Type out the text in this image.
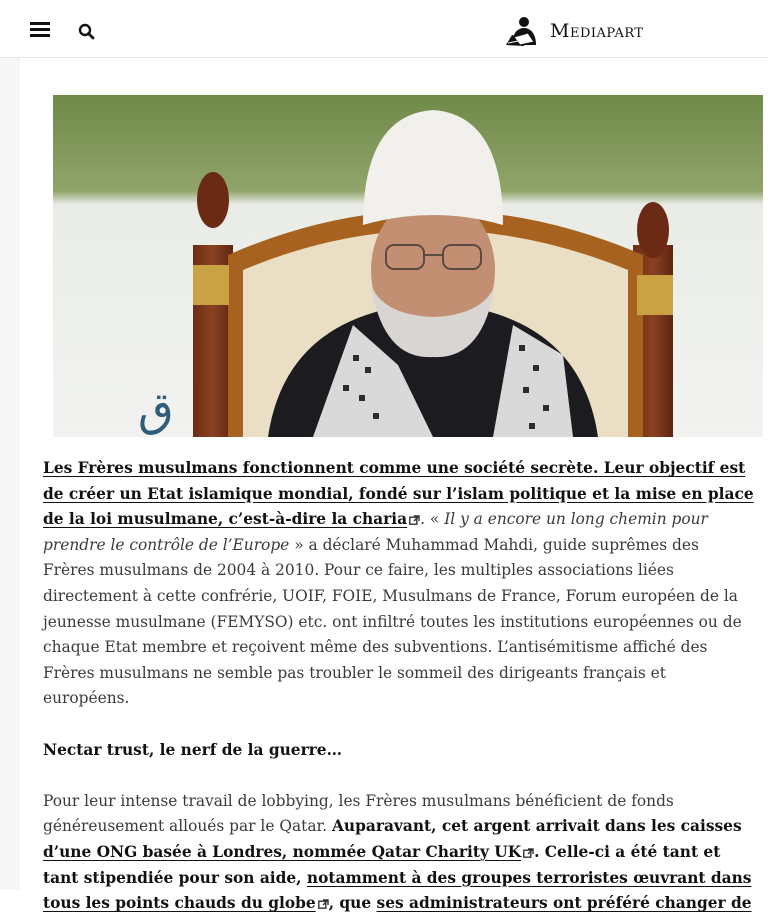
Mediapart
ق

Les Frères musulmans fonctionnent comme une société secrète. Leur objectif est de créer un Etat islamique mondial, fondé sur l’islam politique et la mise en place de la loi musulmane, c’est-à-dire la charia . « Il y a encore un long chemin pour prendre le contrôle de l’Europe » a déclaré Muhammad Mahdi, guide suprêmes des Frères musulmans de 2004 à 2010. Pour ce faire, les multiples associations liées directement à cette confrérie, UOIF, FOIE, Musulmans de France, Forum européen de la jeunesse musulmane (FEMYSO) etc. ont infiltré toutes les institutions européennes ou de chaque Etat membre et reçoivent même des subventions. L’antisémitisme affiché des Frères musulmans ne semble pas troubler le sommeil des dirigeants français et européens.

Nectar trust, le nerf de la guerre…

Pour leur intense travail de lobbying, les Frères musulmans bénéficient de fonds généreusement alloués par le Qatar. Auparavant, cet argent arrivait dans les caisses d’une ONG basée à Londres, nommée Qatar Charity UK . Celle-ci a été tant et tant stipendiée pour son aide, notamment à des groupes terroristes œuvrant dans tous les points chauds du globe , que ses administrateurs ont préféré changer de
